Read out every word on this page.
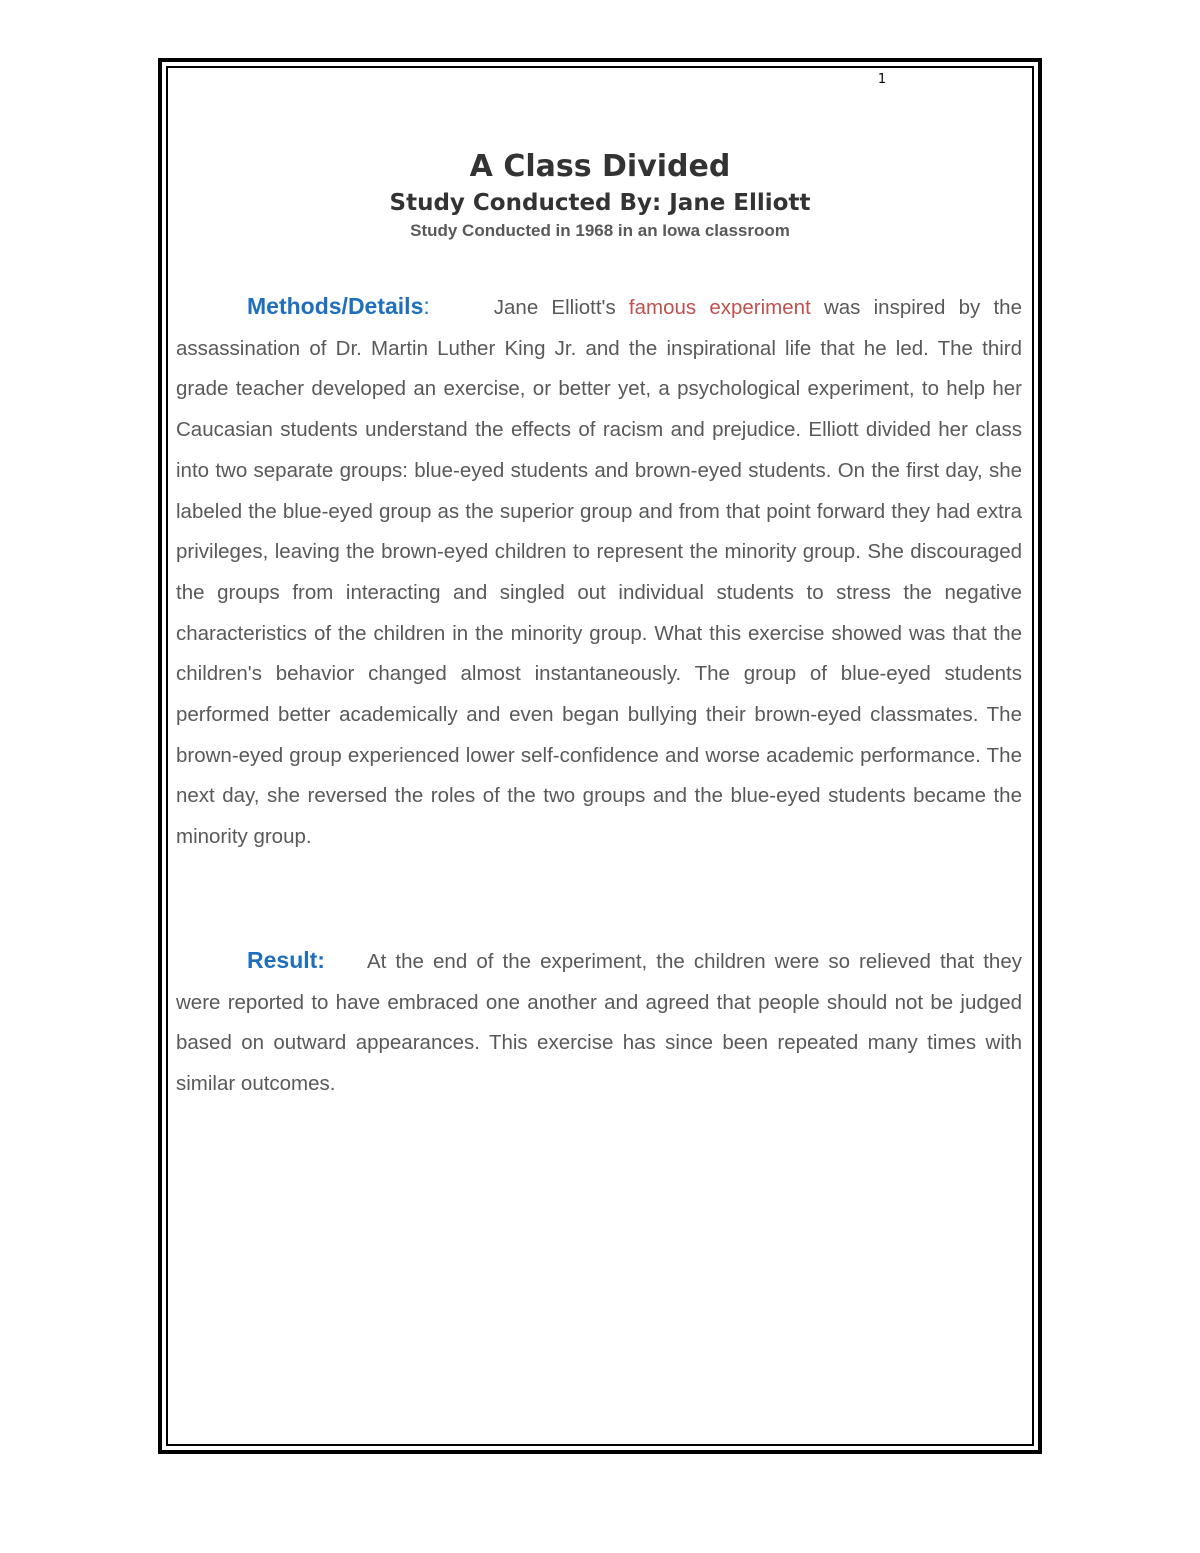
1
A Class Divided
Study Conducted By: Jane Elliott
Study Conducted in 1968 in an Iowa classroom

Methods/Details:	Jane Elliott's famous experiment was inspired by the assassination of Dr. Martin Luther King Jr. and the inspirational life that he led. The third grade teacher developed an exercise, or better yet, a psychological experiment, to help her Caucasian students understand the effects of racism and prejudice. Elliott divided her class into two separate groups: blue-eyed students and brown-eyed students. On the first day, she labeled the blue-eyed group as the superior group and from that point forward they had extra privileges, leaving the brown-eyed children to represent the minority group. She discouraged the groups from interacting and singled out individual students to stress the negative characteristics of the children in the minority group. What this exercise showed was that the children's behavior changed almost instantaneously. The group of blue-eyed students performed better academically and even began bullying their brown-eyed classmates. The brown-eyed group experienced lower self-confidence and worse academic performance. The next day, she reversed the roles of the two groups and the blue-eyed students became the minority group.

Result: At the end of the experiment, the children were so relieved that they were reported to have embraced one another and agreed that people should not be judged based on outward appearances. This exercise has since been repeated many times with similar outcomes.
